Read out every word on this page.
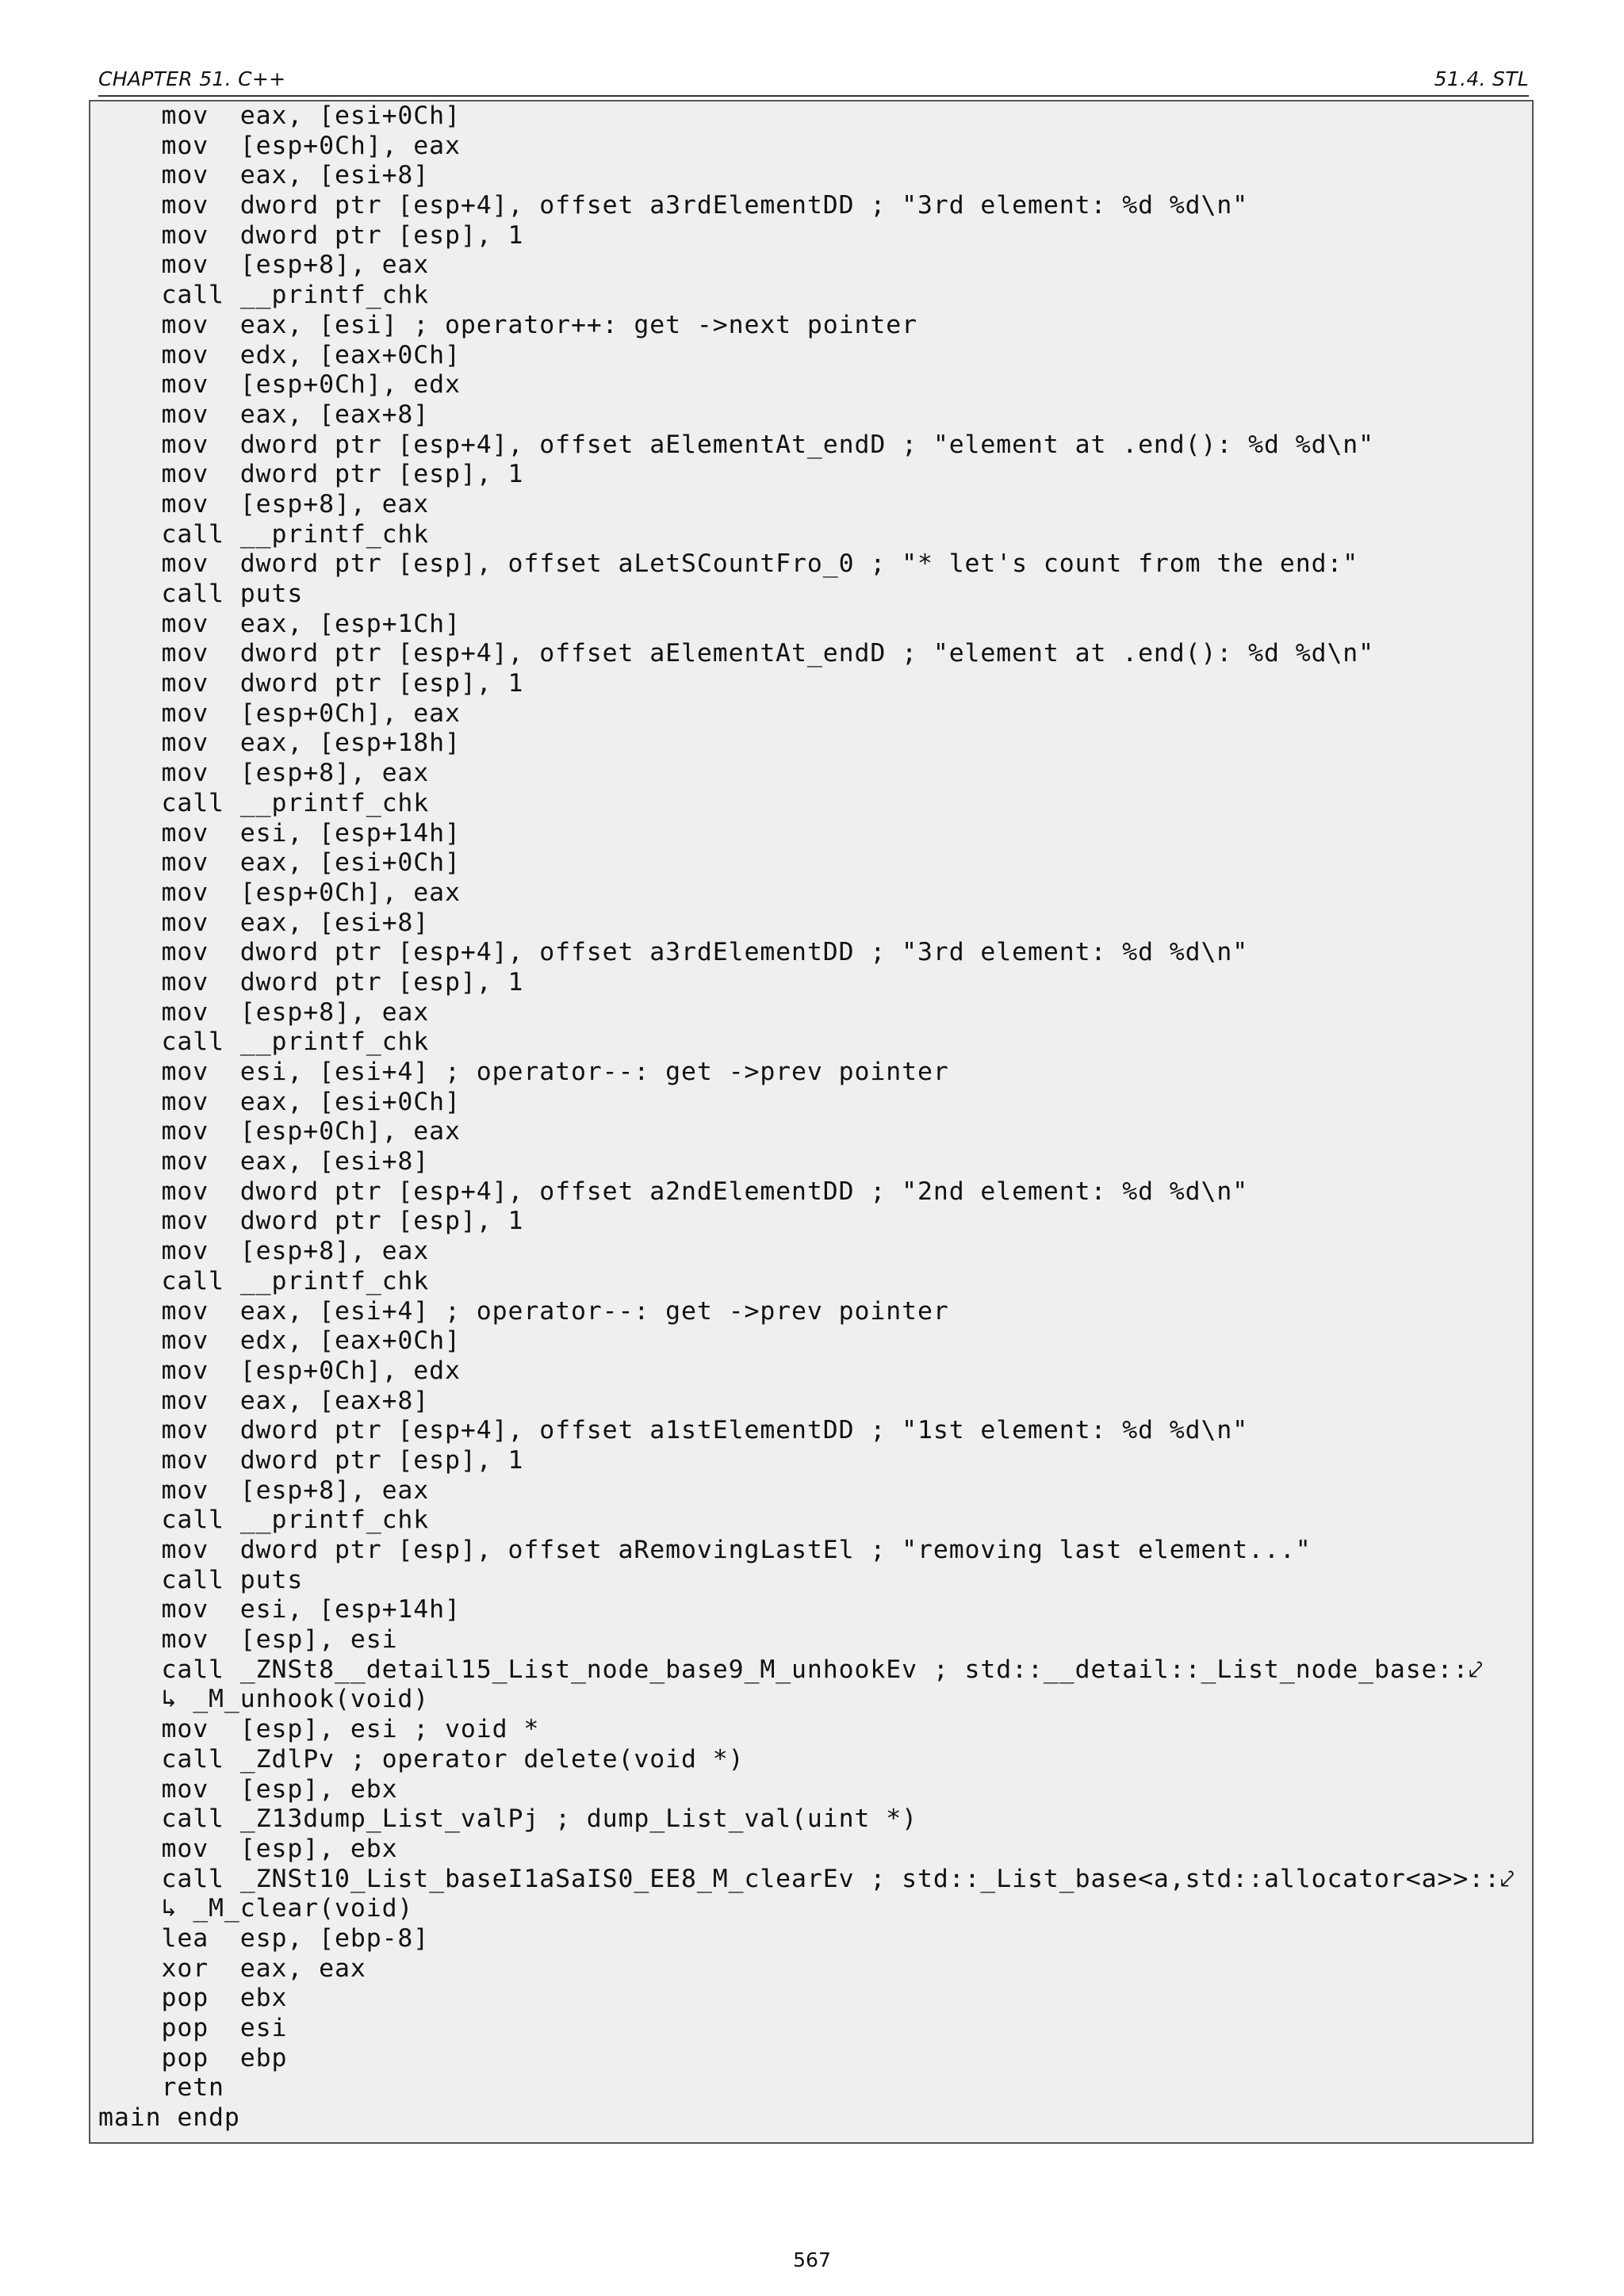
CHAPTER 51. C++	51.4. STL
mov  eax, [esi+0Ch]
mov  [esp+0Ch], eax
mov  eax, [esi+8]
mov  dword ptr [esp+4], offset a3rdElementDD ; "3rd element: %d %d\n"
mov  dword ptr [esp], 1
mov  [esp+8], eax
call __printf_chk
mov  eax, [esi] ; operator++: get ->next pointer
mov  edx, [eax+0Ch]
mov  [esp+0Ch], edx
mov  eax, [eax+8]
mov  dword ptr [esp+4], offset aElementAt_endD ; "element at .end(): %d %d\n"
mov  dword ptr [esp], 1
mov  [esp+8], eax
call __printf_chk
mov  dword ptr [esp], offset aLetSCountFro_0 ; "* let's count from the end:"
call puts
mov  eax, [esp+1Ch]
mov  dword ptr [esp+4], offset aElementAt_endD ; "element at .end(): %d %d\n"
mov  dword ptr [esp], 1
mov  [esp+0Ch], eax
mov  eax, [esp+18h]
mov  [esp+8], eax
call __printf_chk
mov  esi, [esp+14h]
mov  eax, [esi+0Ch]
mov  [esp+0Ch], eax
mov  eax, [esi+8]
mov  dword ptr [esp+4], offset a3rdElementDD ; "3rd element: %d %d\n"
mov  dword ptr [esp], 1
mov  [esp+8], eax
call __printf_chk
mov  esi, [esi+4] ; operator--: get ->prev pointer
mov  eax, [esi+0Ch]
mov  [esp+0Ch], eax
mov  eax, [esi+8]
mov  dword ptr [esp+4], offset a2ndElementDD ; "2nd element: %d %d\n"
mov  dword ptr [esp], 1
mov  [esp+8], eax
call __printf_chk
mov  eax, [esi+4] ; operator--: get ->prev pointer
mov  edx, [eax+0Ch]
mov  [esp+0Ch], edx
mov  eax, [eax+8]
mov  dword ptr [esp+4], offset a1stElementDD ; "1st element: %d %d\n"
mov  dword ptr [esp], 1
mov  [esp+8], eax
call __printf_chk
mov  dword ptr [esp], offset aRemovingLastEl ; "removing last element..."
call puts
mov  esi, [esp+14h]
mov  [esp], esi
call _ZNSt8__detail15_List_node_base9_M_unhookEv ; std::__detail::_List_node_base::⤦
↳ _M_unhook(void)
mov  [esp], esi ; void *
call _ZdlPv ; operator delete(void *)
mov  [esp], ebx
call _Z13dump_List_valPj ; dump_List_val(uint *)
mov  [esp], ebx
call _ZNSt10_List_baseI1aSaIS0_EE8_M_clearEv ; std::_List_base<a,std::allocator<a>>::⤦
↳ _M_clear(void)
lea  esp, [ebp-8]
xor  eax, eax
pop  ebx
pop  esi
pop  ebp
retn
main endp
567
